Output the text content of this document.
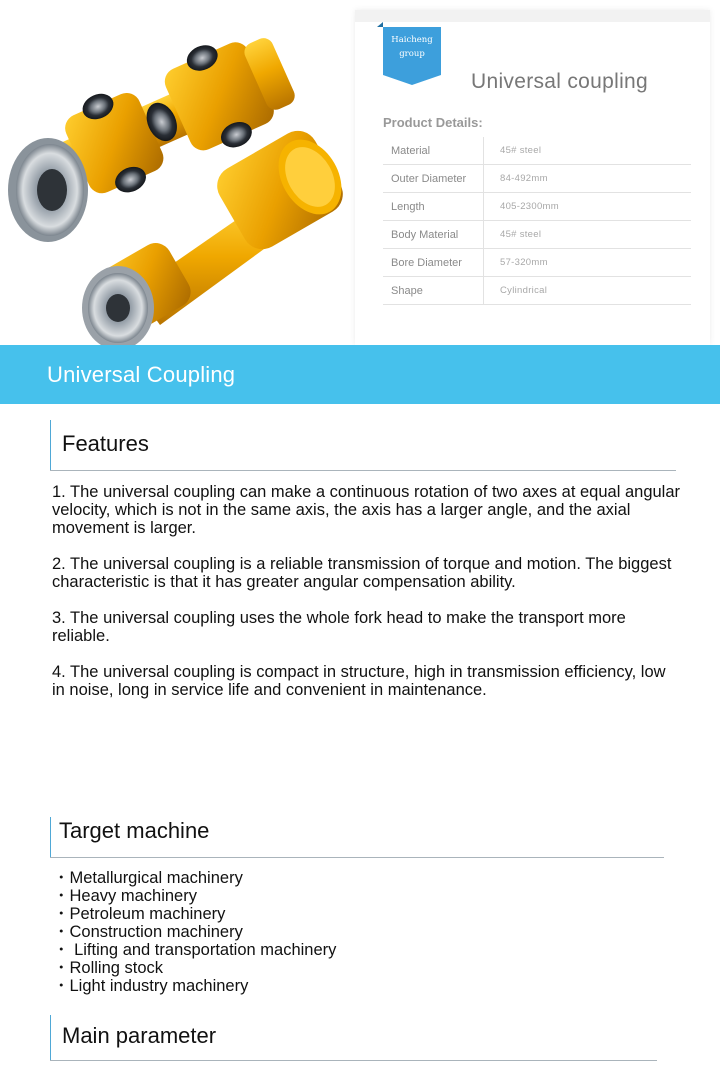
Haicheng
group
Universal coupling
Product Details:
Material	45# steel
Outer Diameter	84-492mm
Length	405-2300mm
Body Material	45# steel
Bore Diameter	57-320mm
Shape	Cylindrical
Universal Coupling
Features

1. The universal coupling can make a continuous rotation of two axes at equal angular velocity, which is not in the same axis, the axis has a larger angle, and the axial movement is larger.

2. The universal coupling is a reliable transmission of torque and motion. The biggest characteristic is that it has greater angular compensation ability.

3. The universal coupling uses the whole fork head to make the transport more reliable.

4. The universal coupling is compact in structure, high in transmission efficiency, low in noise, long in service life and convenient in maintenance.

Target machine
・Metallurgical machinery
・Heavy machinery
・Petroleum machinery
・Construction machinery
・ Lifting and transportation machinery
・Rolling stock
・Light industry machinery
Main parameter
